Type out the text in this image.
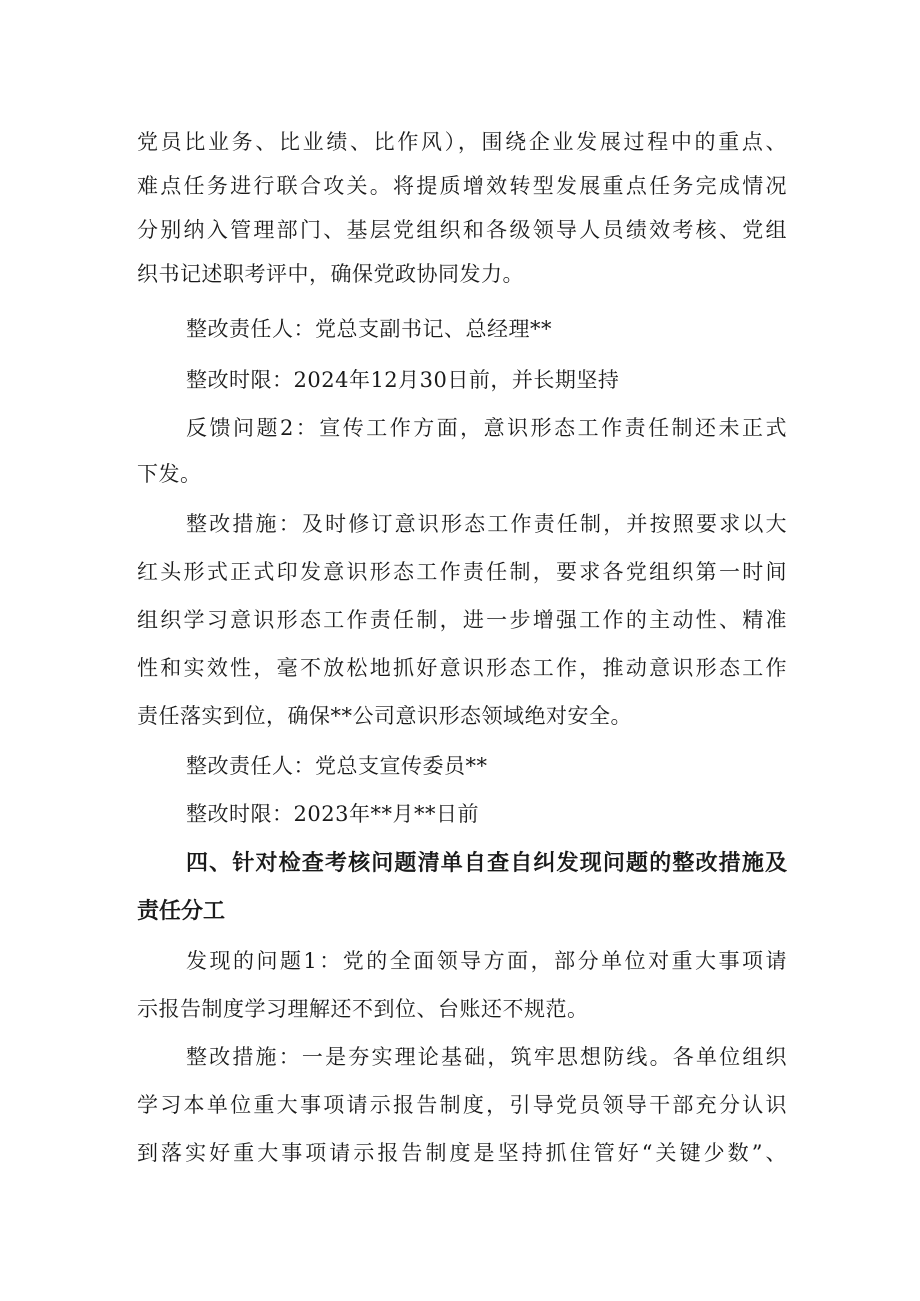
党员比业务、比业绩、比作风），围绕企业发展过程中的重点、
难点任务进行联合攻关。将提质增效转型发展重点任务完成情况
分别纳入管理部门、基层党组织和各级领导人员绩效考核、党组
织书记述职考评中，确保党政协同发力。
整改责任人：党总支副书记、总经理**
整改时限：2024年12月30日前，并长期坚持
反馈问题2：宣传工作方面，意识形态工作责任制还未正式
下发。
整改措施：及时修订意识形态工作责任制，并按照要求以大
红头形式正式印发意识形态工作责任制，要求各党组织第一时间
组织学习意识形态工作责任制，进一步增强工作的主动性、精准
性和实效性，毫不放松地抓好意识形态工作，推动意识形态工作
责任落实到位，确保**公司意识形态领域绝对安全。
整改责任人：党总支宣传委员**
整改时限：2023年**月**日前
四、针对检查考核问题清单自查自纠发现问题的整改措施及
责任分工
发现的问题1：党的全面领导方面，部分单位对重大事项请
示报告制度学习理解还不到位、台账还不规范。
整改措施：一是夯实理论基础，筑牢思想防线。各单位组织
学习本单位重大事项请示报告制度，引导党员领导干部充分认识
到落实好重大事项请示报告制度是坚持抓住管好“关键少数”、
